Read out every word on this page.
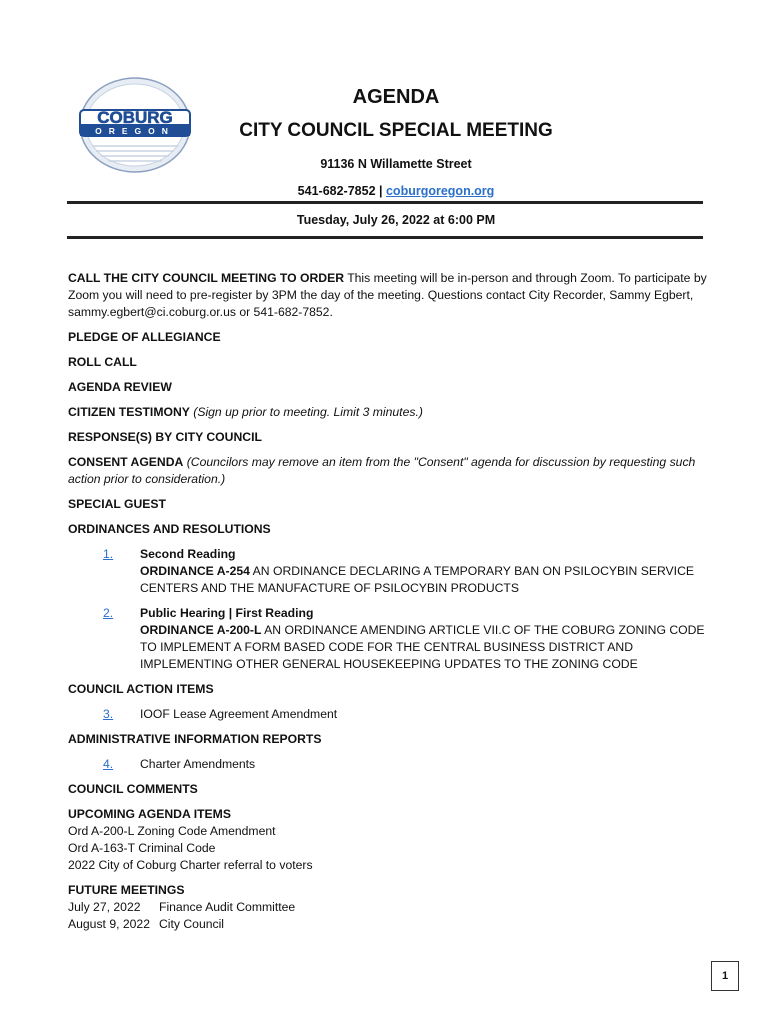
COBURG
OREGON
AGENDA
CITY COUNCIL SPECIAL MEETING
91136 N Willamette Street
541-682-7852 | coburgoregon.org
Tuesday, July 26, 2022 at 6:00 PM
CALL THE CITY COUNCIL MEETING TO ORDER This meeting will be in-person and through Zoom. To participate by Zoom you will need to pre-register by 3PM the day of the meeting. Questions contact City Recorder, Sammy Egbert, sammy.egbert@ci.coburg.or.us or 541-682-7852.
PLEDGE OF ALLEGIANCE
ROLL CALL
AGENDA REVIEW
CITIZEN TESTIMONY (Sign up prior to meeting. Limit 3 minutes.)
RESPONSE(S) BY CITY COUNCIL
CONSENT AGENDA (Councilors may remove an item from the "Consent" agenda for discussion by requesting such action prior to consideration.)
SPECIAL GUEST
ORDINANCES AND RESOLUTIONS
1.	Second Reading
ORDINANCE A-254 AN ORDINANCE DECLARING A TEMPORARY BAN ON PSILOCYBIN SERVICE CENTERS AND THE MANUFACTURE OF PSILOCYBIN PRODUCTS
2.	Public Hearing | First Reading
ORDINANCE A-200-L AN ORDINANCE AMENDING ARTICLE VII.C OF THE COBURG ZONING CODE TO IMPLEMENT A FORM BASED CODE FOR THE CENTRAL BUSINESS DISTRICT AND IMPLEMENTING OTHER GENERAL HOUSEKEEPING UPDATES TO THE ZONING CODE
COUNCIL ACTION ITEMS
3.	IOOF Lease Agreement Amendment
ADMINISTRATIVE INFORMATION REPORTS
4.	Charter Amendments
COUNCIL COMMENTS
UPCOMING AGENDA ITEMS
Ord A-200-L Zoning Code Amendment
Ord A-163-T Criminal Code
2022 City of Coburg Charter referral to voters
FUTURE MEETINGS
July 27, 2022 Finance Audit Committee
August 9, 2022 City Council
1
